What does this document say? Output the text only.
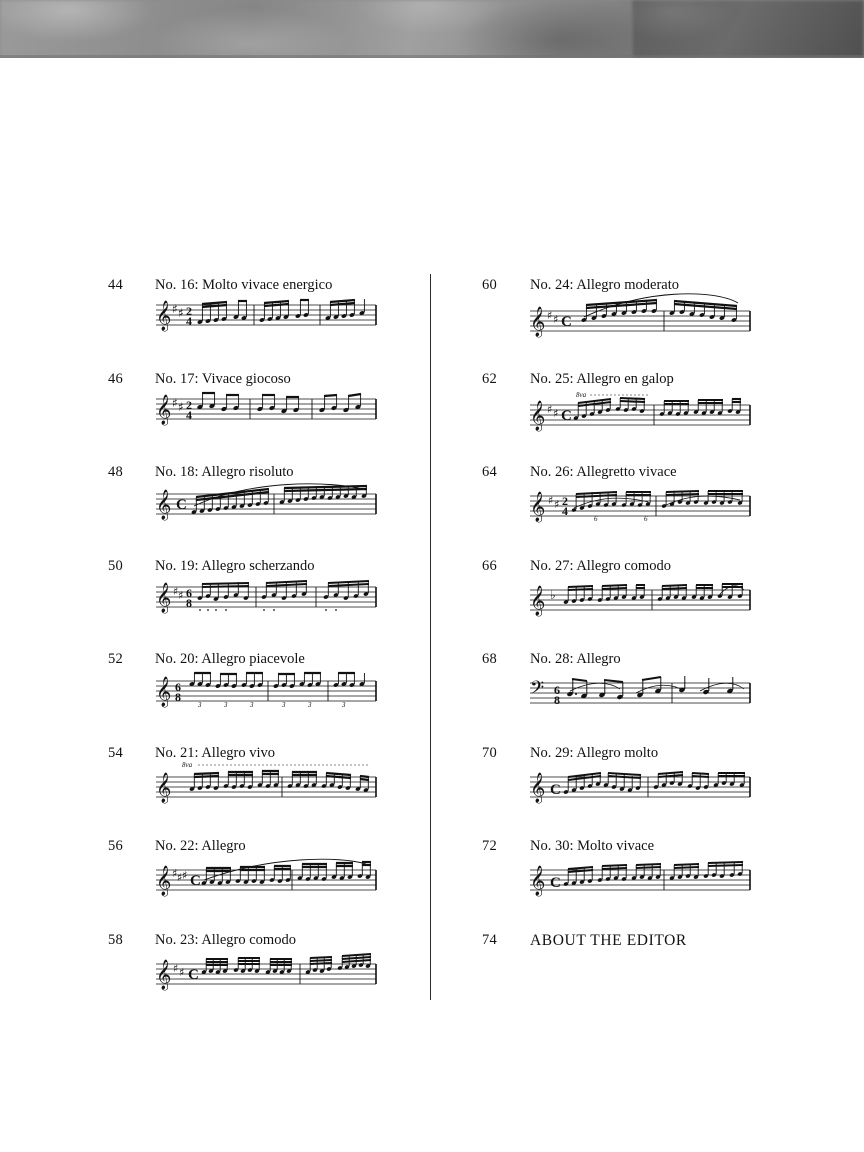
44 No. 16: Molto vivace energico
𝄞 ♯ ♯ 2
4
46 No. 17: Vivace giocoso
𝄞 ♯ ♯ 2
4
48 No. 18: Allegro risoluto
𝄞 C
50 No. 19: Allegro scherzando
𝄞 ♯ ♯ 6
8
52 No. 20: Allegro piacevole
𝄞 6
8
3	3	3	3	3	3
54 No. 21: Allegro vivo
𝄞
8va
56 No. 22: Allegro
𝄞 ♯ ♯ ♯ C
58 No. 23: Allegro comodo
𝄞 ♯ ♯ C
60 No. 24: Allegro moderato
𝄞 ♯ ♯ C
62 No. 25: Allegro en galop
𝄞 ♯ ♯ C
8va
64 No. 26: Allegretto vivace
𝄞 ♯ ♯ 2
4
6	6
66 No. 27: Allegro comodo
𝄞 ♭
68 No. 28: Allegro
𝄢 6
8
70 No. 29: Allegro molto
𝄞 C
72 No. 30: Molto vivace
𝄞 C
74 ABOUT THE EDITOR
